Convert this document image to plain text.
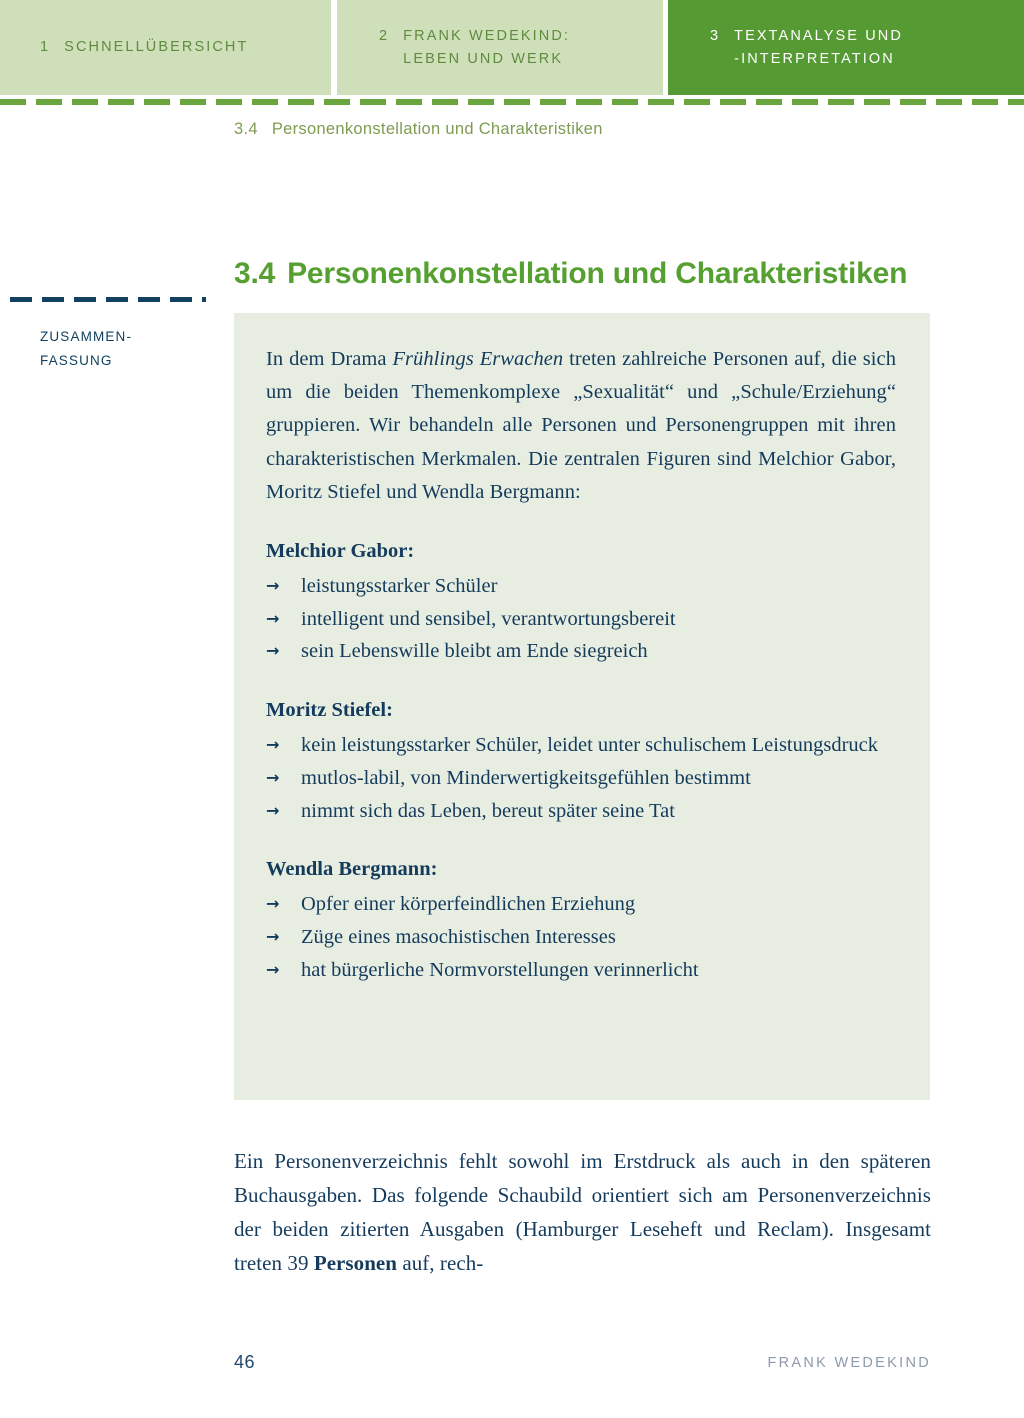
1 SCHNELLÜBERSICHT
2 FRANK WEDEKIND:
LEBEN UND WERK
3 TEXTANALYSE UND
-INTERPRETATION
3.4 Personenkonstellation und Charakteristiken
3.4 Personenkonstellation und Charakteristiken
ZUSAMMEN-
FASSUNG	In dem Drama Frühlings Erwachen treten zahlreiche Personen auf, die sich um die beiden Themenkomplexe „Sexualität“ und „Schule/Erziehung“ gruppieren. Wir behandeln alle Personen und Personengruppen mit ihren charakteristischen Merkmalen. Die zentralen Figuren sind Melchior Gabor, Moritz Stiefel und Wendla Bergmann:

Melchior Gabor:

→ leistungsstarker Schüler
→ intelligent und sensibel, verantwortungsbereit
→ sein Lebenswille bleibt am Ende siegreich

Moritz Stiefel:

→ kein leistungsstarker Schüler, leidet unter schulischem Leistungsdruck
→ mutlos-labil, von Minderwertigkeitsgefühlen bestimmt
→ nimmt sich das Leben, bereut später seine Tat

Wendla Bergmann:

→ Opfer einer körperfeindlichen Erziehung
→ Züge eines masochistischen Interesses
→ hat bürgerliche Normvorstellungen verinnerlicht

Ein Personenverzeichnis fehlt sowohl im Erstdruck als auch in den späteren Buchausgaben. Das folgende Schaubild orientiert sich am Personenverzeichnis der beiden zitierten Ausgaben (Hamburger Leseheft und Reclam). Insgesamt treten 39 Personen auf, rech-

46	FRANK WEDEKIND
